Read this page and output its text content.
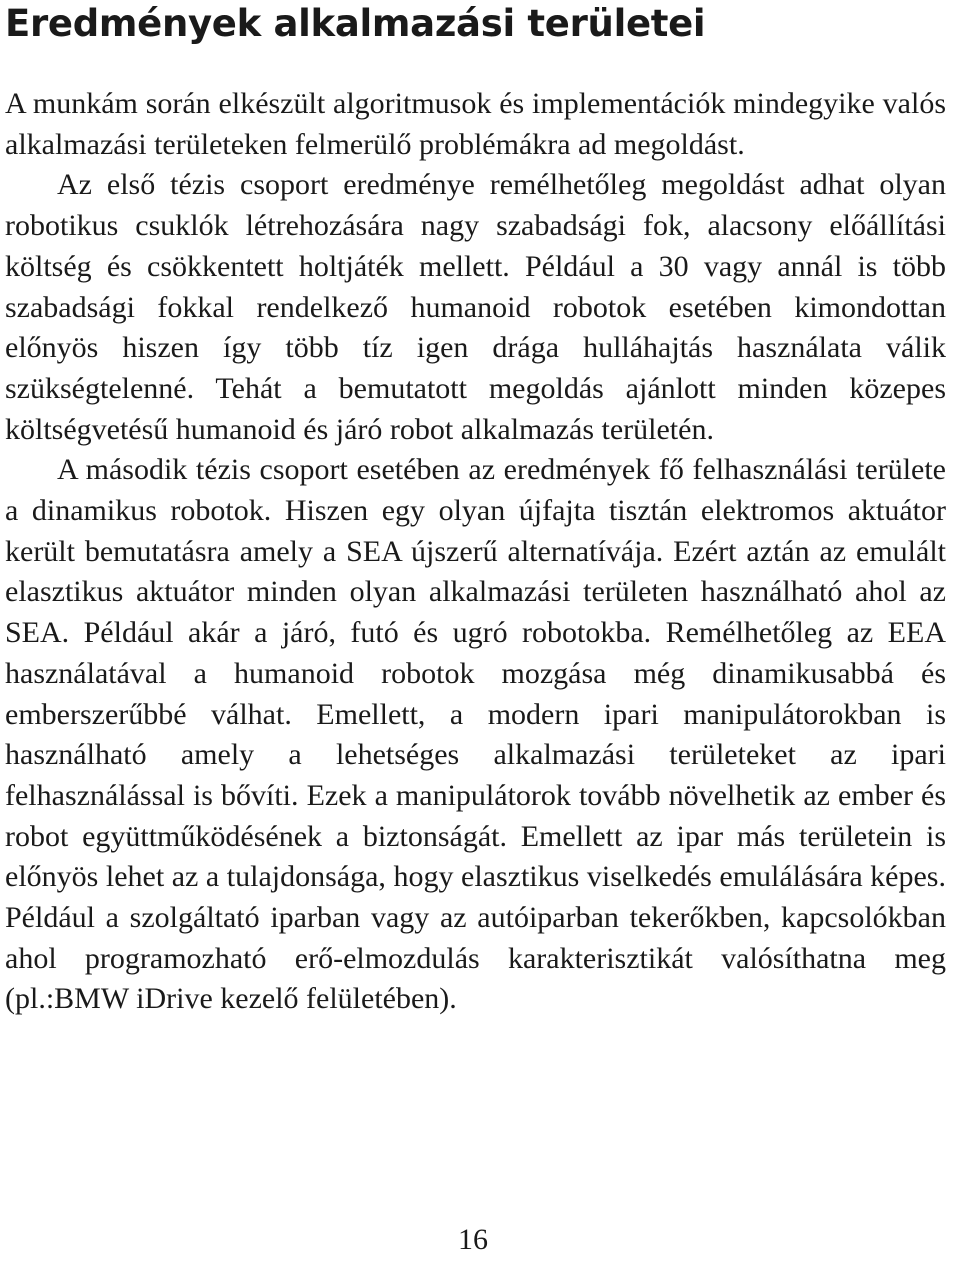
Eredmények alkalmazási területei

A munkám során elkészült algoritmusok és implementációk mindegyike valós alkalmazási területeken felmerülő problémákra ad megoldást.

Az első tézis csoport eredménye remélhetőleg megoldást adhat olyan robotikus csuklók létrehozására nagy szabadsági fok, alacsony előállítási költség és csökkentett holtjáték mellett. Például a 30 vagy annál is több szabadsági fokkal rendelkező humanoid robotok esetében kimondottan előnyös hiszen így több tíz igen drága hulláhajtás használata válik szükségtelenné. Tehát a bemutatott megoldás ajánlott minden közepes költségvetésű humanoid és járó robot alkalmazás területén.

A második tézis csoport esetében az eredmények fő felhasználási területe a dinamikus robotok. Hiszen egy olyan újfajta tisztán elektromos aktuátor került bemutatásra amely a SEA újszerű alternatívája. Ezért aztán az emulált elasztikus aktuátor minden olyan alkalmazási területen használható ahol az SEA. Például akár a járó, futó és ugró robotokba. Remélhetőleg az EEA használatával a humanoid robotok mozgása még dinamikusabbá és emberszerűbbé válhat. Emellett, a modern ipari manipulátorokban is használható amely a lehetséges alkalmazási területeket az ipari felhasználással is bővíti. Ezek a manipulátorok tovább növelhetik az ember és robot együttműködésének a biztonságát. Emellett az ipar más területein is előnyös lehet az a tulajdonsága, hogy elasztikus viselkedés emulálására képes. Például a szolgáltató iparban vagy az autóiparban tekerőkben, kapcsolókban ahol programozható erő-elmozdulás karakterisztikát valósíthatna meg (pl.:BMW iDrive kezelő felületében).

16
